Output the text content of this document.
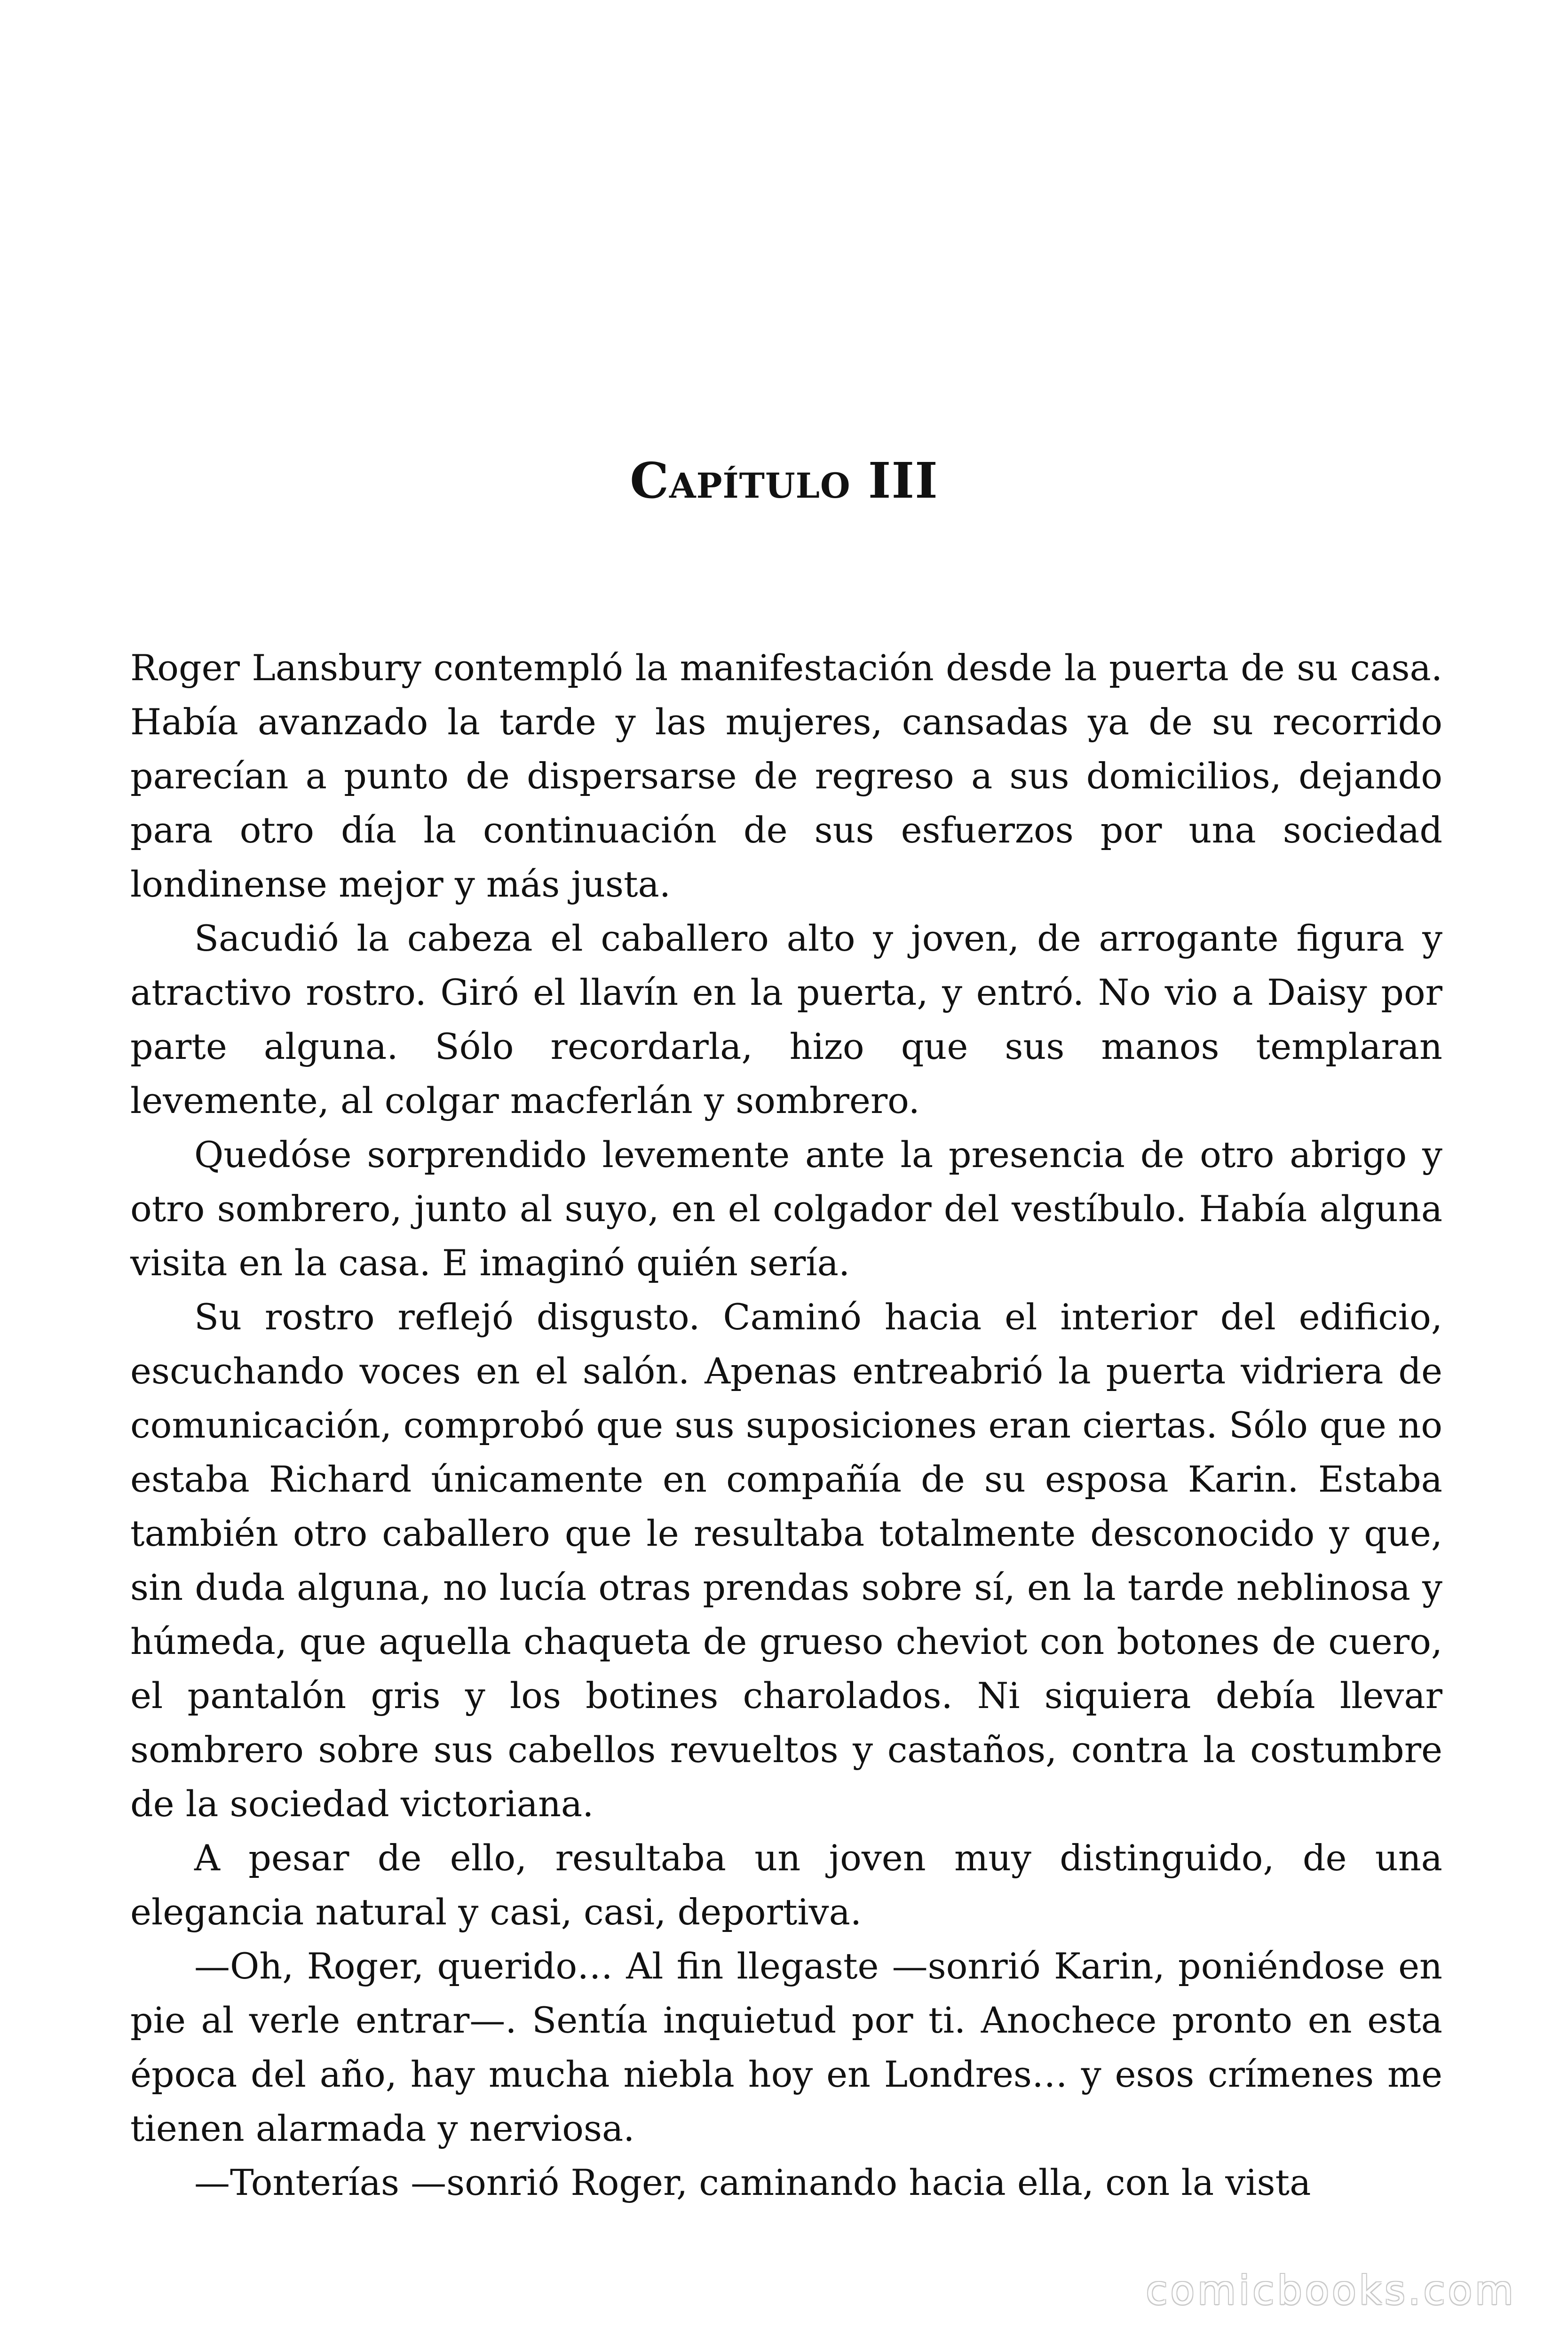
Capítulo III

Roger Lansbury contempló la manifestación desde la puerta de su casa. Había avanzado la tarde y las mujeres, cansadas ya de su recorrido parecían a punto de dispersarse de regreso a sus domicilios, dejando para otro día la continuación de sus esfuerzos por una sociedad londinense mejor y más justa.

Sacudió la cabeza el caballero alto y joven, de arrogante figura y atractivo rostro. Giró el llavín en la puerta, y entró. No vio a Daisy por parte alguna. Sólo recordarla, hizo que sus manos templaran levemente, al colgar macferlán y sombrero.

Quedóse sorprendido levemente ante la presencia de otro abrigo y otro sombrero, junto al suyo, en el colgador del vestíbulo. Había alguna visita en la casa. E imaginó quién sería.

Su rostro reflejó disgusto. Caminó hacia el interior del edificio, escuchando voces en el salón. Apenas entreabrió la puerta vidriera de comunicación, comprobó que sus suposiciones eran ciertas. Sólo que no estaba Richard únicamente en compañía de su esposa Karin. Estaba también otro caballero que le resultaba totalmente desconocido y que, sin duda alguna, no lucía otras prendas sobre sí, en la tarde neblinosa y húmeda, que aquella chaqueta de grueso cheviot con botones de cuero, el pantalón gris y los botines charolados. Ni siquiera debía llevar sombrero sobre sus cabellos revueltos y castaños, contra la costumbre de la sociedad victoriana.

A pesar de ello, resultaba un joven muy distinguido, de una elegancia natural y casi, casi, deportiva.

—Oh, Roger, querido… Al fin llegaste —sonrió Karin, poniéndose en pie al verle entrar—. Sentía inquietud por ti. Anochece pronto en esta época del año, hay mucha niebla hoy en Londres… y esos crímenes me tienen alarmada y nerviosa.

—Tonterías —sonrió Roger, caminando hacia ella, con la vista

comicbooks.com
